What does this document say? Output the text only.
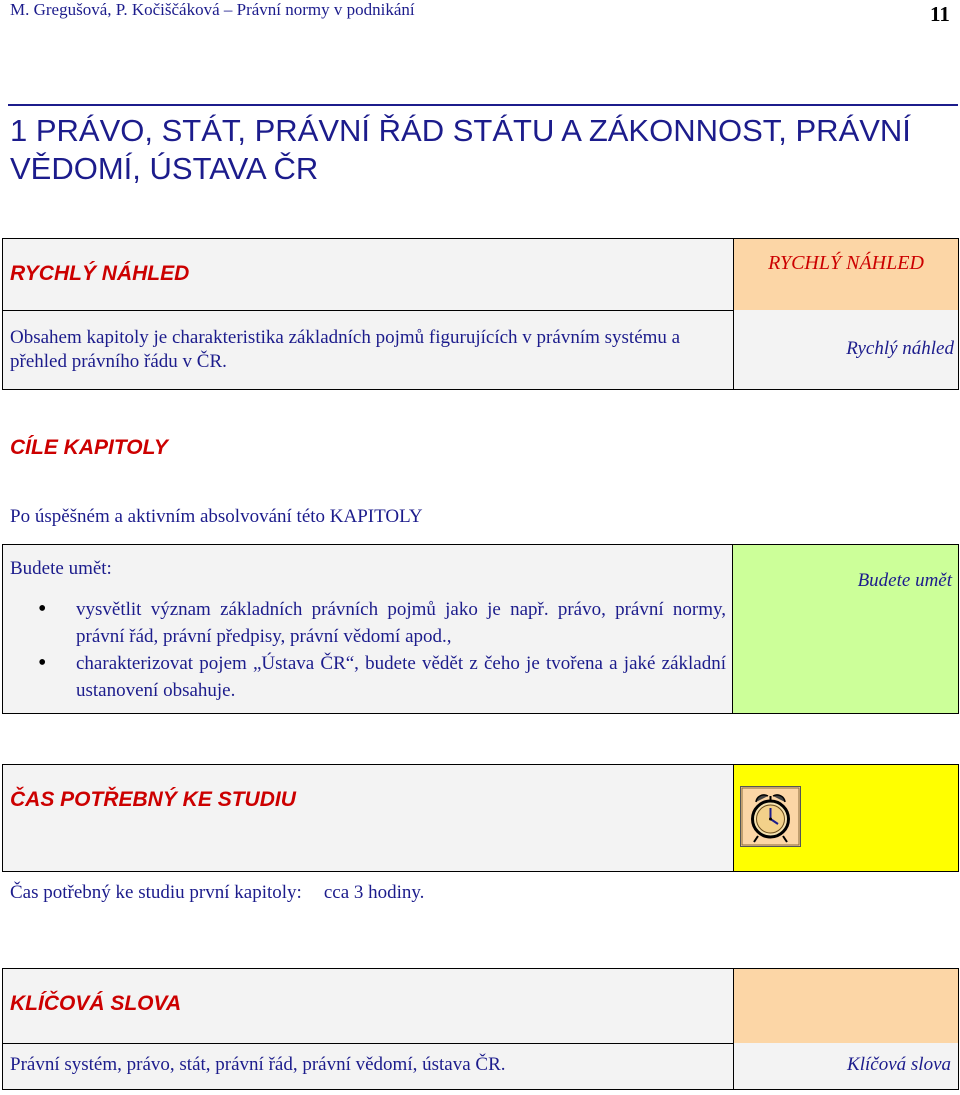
M. Gregušová, P. Kočiščáková – Právní normy v podnikání	11
1 PRÁVO, STÁT, PRÁVNÍ ŘÁD STÁTU A ZÁKONNOST, PRÁVNÍ VĚDOMÍ, ÚSTAVA ČR
RYCHLÝ NÁHLED	RYCHLÝ NÁHLED
Obsahem kapitoly je charakteristika základních pojmů figurujících v právním systému a přehled právního řádu v ČR.
Rychlý náhled
CÍLE KAPITOLY
Po úspěšném a aktivním absolvování této KAPITOLY
Budete umět
Budete umět:
• vysvětlit význam základních právních pojmů jako je např. právo, právní normy, právní řád, právní předpisy, právní vědomí apod.,
• charakterizovat pojem „Ústava ČR“, budete vědět z čeho je tvořena a jaké základní ustanovení obsahuje.
ČAS POTŘEBNÝ KE STUDIU
Čas potřebný ke studiu první kapitoly: cca 3 hodiny.
KLÍČOVÁ SLOVA
Právní systém, právo, stát, právní řád, právní vědomí, ústava ČR.	Klíčová slova
